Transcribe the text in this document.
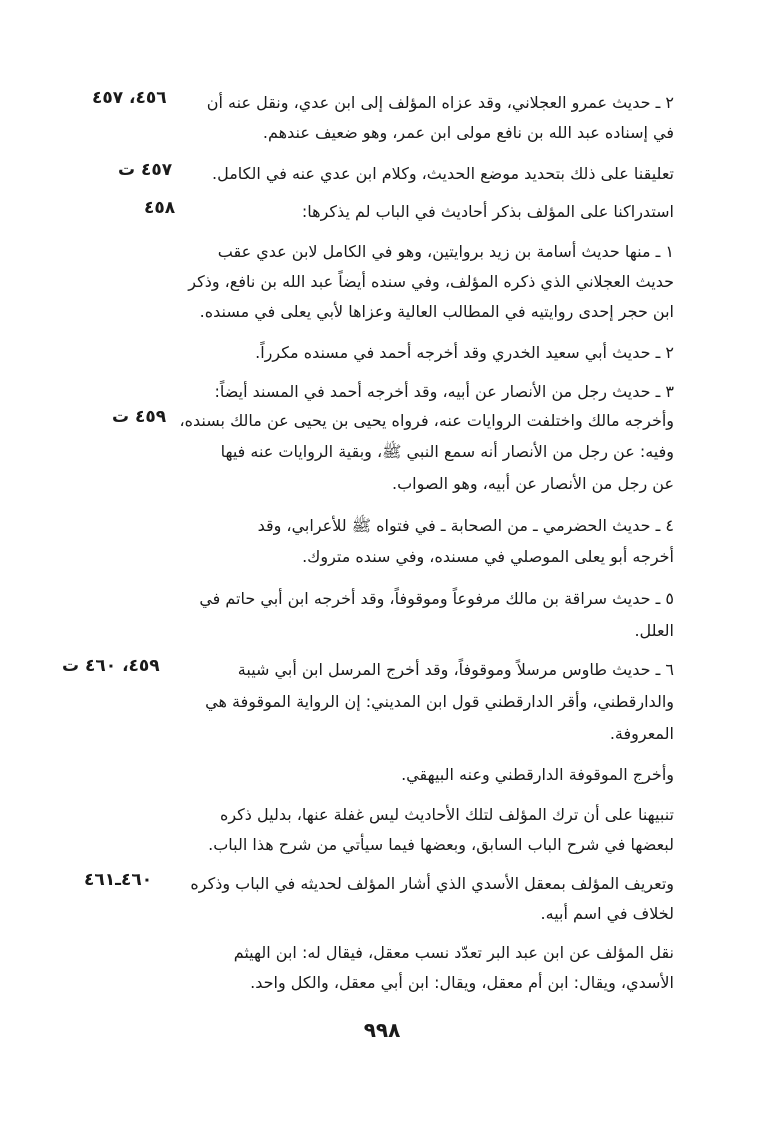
٢ ـ حديث عمرو العجلاني، وقد عزاه المؤلف إلى ابن عدي، ونقل عنه أن
٤٥٦، ٤٥٧
في إسناده عبد الله بن نافع مولى ابن عمر، وهو ضعيف عندهم.
تعليقنا على ذلك بتحديد موضع الحديث، وكلام ابن عدي عنه في الكامل.
٤٥٧ ت
استدراكنا على المؤلف بذكر أحاديث في الباب لم يذكرها:
٤٥٨
١ ـ منها حديث أسامة بن زيد بروايتين، وهو في الكامل لابن عدي عقب
حديث العجلاني الذي ذكره المؤلف، وفي سنده أيضاً عبد الله بن نافع، وذكر
ابن حجر إحدى روايتيه في المطالب العالية وعزاها لأبي يعلى في مسنده.
٢ ـ حديث أبي سعيد الخدري وقد أخرجه أحمد في مسنده مكرراً.
٣ ـ حديث رجل من الأنصار عن أبيه، وقد أخرجه أحمد في المسند أيضاً:
وأخرجه مالك واختلفت الروايات عنه، فرواه يحيى بن يحيى عن مالك بسنده،
٤٥٩ ت
وفيه: عن رجل من الأنصار أنه سمع النبي ﷺ، وبقية الروايات عنه فيها
عن رجل من الأنصار عن أبيه، وهو الصواب.
٤ ـ حديث الحضرمي ـ من الصحابة ـ في فتواه ﷺ للأعرابي، وقد
أخرجه أبو يعلى الموصلي في مسنده، وفي سنده متروك.
٥ ـ حديث سراقة بن مالك مرفوعاً وموقوفاً، وقد أخرجه ابن أبي حاتم في
العلل.
٦ ـ حديث طاوس مرسلاً وموقوفاً، وقد أخرج المرسل ابن أبي شيبة
٤٥٩، ٤٦٠ ت
والدارقطني، وأقر الدارقطني قول ابن المديني: إن الرواية الموقوفة هي
المعروفة.
وأخرج الموقوفة الدارقطني وعنه البيهقي.
تنبيهنا على أن ترك المؤلف لتلك الأحاديث ليس غفلة عنها، بدليل ذكره
لبعضها في شرح الباب السابق، وبعضها فيما سيأتي من شرح هذا الباب.
وتعريف المؤلف بمعقل الأسدي الذي أشار المؤلف لحديثه في الباب وذكره
٤٦٠ـ٤٦١
لخلاف في اسم أبيه.
نقل المؤلف عن ابن عبد البر تعدّد نسب معقل، فيقال له: ابن الهيثم
الأسدي، ويقال: ابن أم معقل، ويقال: ابن أبي معقل، والكل واحد.
٩٩٨
